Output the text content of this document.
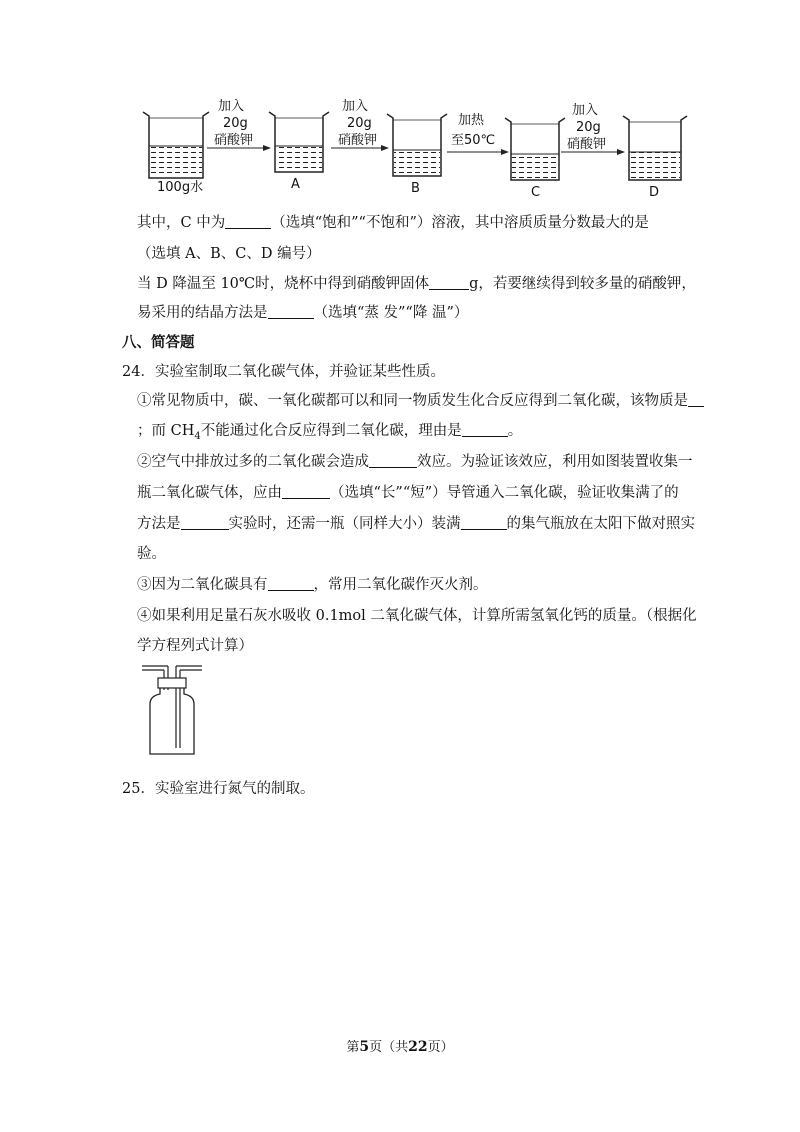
100g水
加入
20g
硝酸钾
A
加入
20g
硝酸钾
B
加热
至50℃
C
加入
20g
硝酸钾
D
其中，C 中为	（选填“饱和”“不饱和”）溶液，其中溶质质量分数最大的是
（选填 A、B、C、D 编号）
当 D 降温至 10℃时，烧杯中得到硝酸钾固体	g，若要继续得到较多量的硝酸钾，
易采用的结晶方法是	（选填“蒸 发”“降 温”）
八、简答题
24．实验室制取二氧化碳气体，并验证某些性质。
①常见物质中，碳、一氧化碳都可以和同一物质发生化合反应得到二氧化碳，该物质是
；而 $CH_4$不能通过化合反应得到二氧化碳，理由是	。
②空气中排放过多的二氧化碳会造成	效应。为验证该效应，利用如图装置收集一
瓶二氧化碳气体，应由	（选填“长”“短”）导管通入二氧化碳，验证收集满了的
方法是	实验时，还需一瓶（同样大小）装满	的集气瓶放在太阳下做对照实
验。
③因为二氧化碳具有	，常用二氧化碳作灭火剂。
④如果利用足量石灰水吸收 0.1mol 二氧化碳气体，计算所需氢氧化钙的质量。（根据化
学方程列式计算）
25．实验室进行氮气的制取。
第5页（共22页）
